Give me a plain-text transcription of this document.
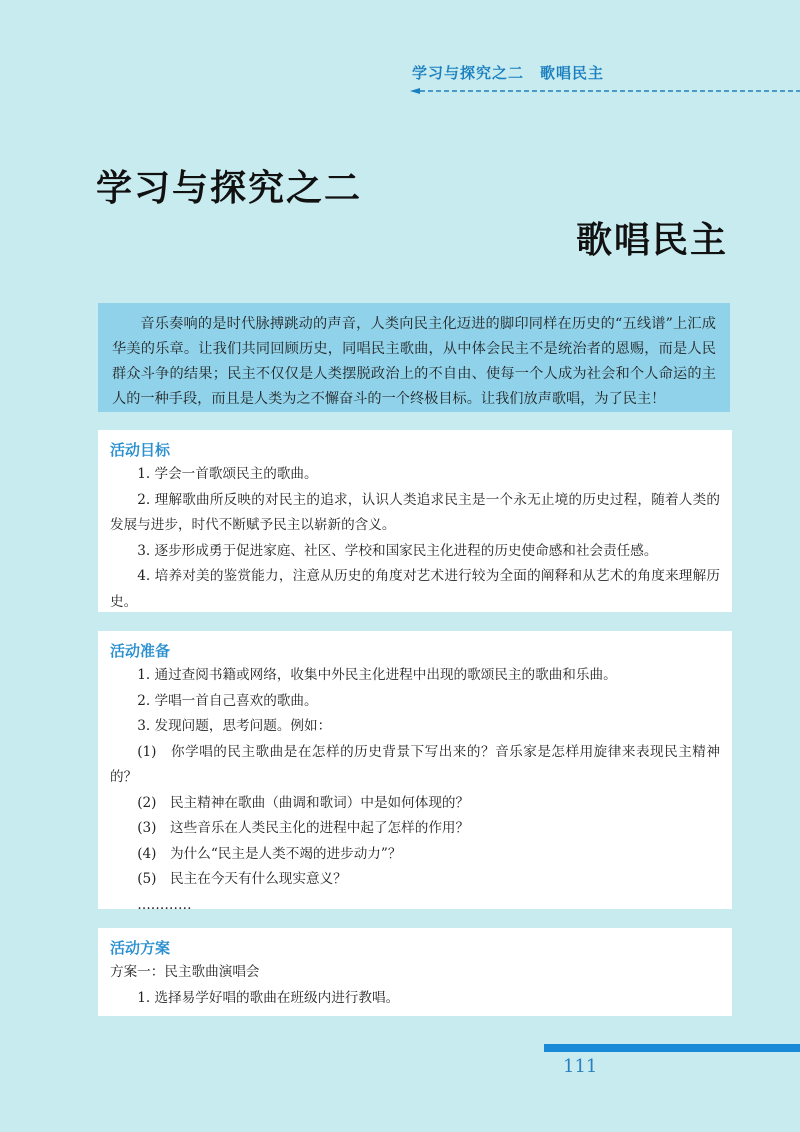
学习与探究之二　歌唱民主
学习与探究之二
歌唱民主

音乐奏响的是时代脉搏跳动的声音，人类向民主化迈进的脚印同样在历史的“五线谱”上汇成华美的乐章。让我们共同回顾历史，同唱民主歌曲，从中体会民主不是统治者的恩赐，而是人民群众斗争的结果；民主不仅仅是人类摆脱政治上的不自由、使每一个人成为社会和个人命运的主人的一种手段，而且是人类为之不懈奋斗的一个终极目标。让我们放声歌唱，为了民主！

活动目标

1. 学会一首歌颂民主的歌曲。

2. 理解歌曲所反映的对民主的追求，认识人类追求民主是一个永无止境的历史过程，随着人类的发展与进步，时代不断赋予民主以崭新的含义。

3. 逐步形成勇于促进家庭、社区、学校和国家民主化进程的历史使命感和社会责任感。

4. 培养对美的鉴赏能力，注意从历史的角度对艺术进行较为全面的阐释和从艺术的角度来理解历史。

活动准备

1. 通过查阅书籍或网络，收集中外民主化进程中出现的歌颂民主的歌曲和乐曲。

2. 学唱一首自己喜欢的歌曲。

3. 发现问题，思考问题。例如：

(1)　你学唱的民主歌曲是在怎样的历史背景下写出来的？音乐家是怎样用旋律来表现民主精神的？

(2)　民主精神在歌曲（曲调和歌词）中是如何体现的？

(3)　这些音乐在人类民主化的进程中起了怎样的作用？

(4)　为什么“民主是人类不竭的进步动力”？

(5)　民主在今天有什么现实意义？

…………

活动方案

方案一：民主歌曲演唱会

1. 选择易学好唱的歌曲在班级内进行教唱。

111
